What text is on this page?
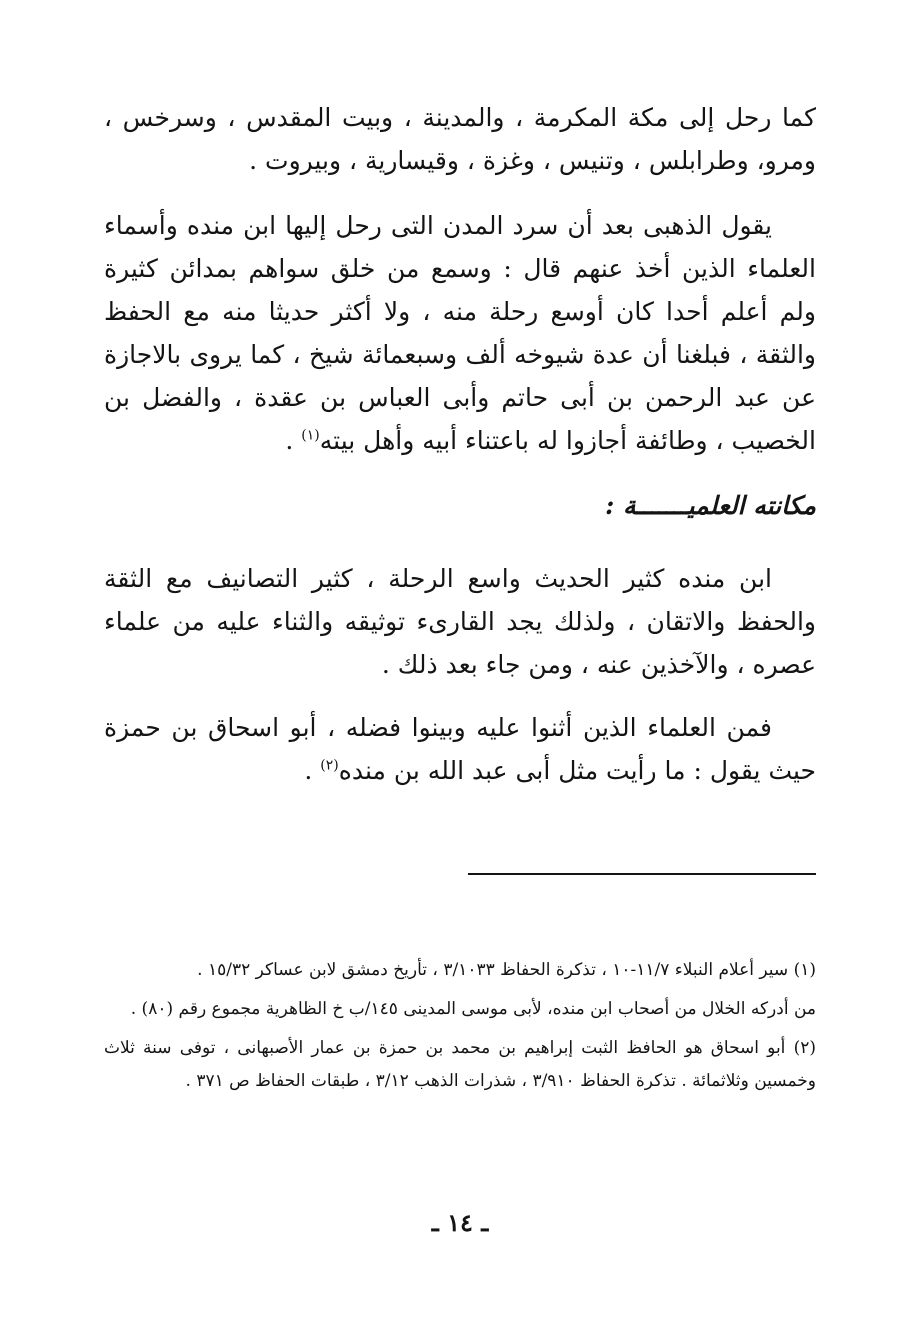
كما رحل إلى مكة المكرمة ، والمدينة ، وبيت المقدس ، وسرخس ، ومرو، وطرابلس ، وتنيس ، وغزة ، وقيسارية ، وبيروت .

يقول الذهبى بعد أن سرد المدن التى رحل إليها ابن منده وأسماء العلماء الذين أخذ عنهم قال : وسمع من خلق سواهم بمدائن كثيرة ولم أعلم أحدا كان أوسع رحلة منه ، ولا أكثر حديثا منه مع الحفظ والثقة ، فبلغنا أن عدة شيوخه ألف وسبعمائة شيخ ، كما يروى بالاجازة عن عبد الرحمن بن أبى حاتم وأبى العباس بن عقدة ، والفضل بن الخصيب ، وطائفة أجازوا له باعتناء أبيه وأهل بيته$^{(١)}$ .

مكانته العلميـــــــة :

ابن منده كثير الحديث واسع الرحلة ، كثير التصانيف مع الثقة والحفظ والاتقان ، ولذلك يجد القارىء توثيقه والثناء عليه من علماء عصره ، والآخذين عنه ، ومن جاء بعد ذلك .

فمن العلماء الذين أثنوا عليه وبينوا فضله ، أبو اسحاق بن حمزة حيث يقول : ما رأيت مثل أبى عبد الله بن منده$^{(٢)}$ .

(١) سير أعلام النبلاء ١١/٧-١٠ ، تذكرة الحفاظ ٣/١٠٣٣ ، تأريخ دمشق لابن عساكر ١٥/٣٢ .

من أدركه الخلال من أصحاب ابن منده، لأبى موسى المدينى ١٤٥/ب خ الظاهرية مجموع رقم (٨٠) .

(٢) أبو اسحاق هو الحافظ الثبت إبراهيم بن محمد بن حمزة بن عمار الأصبهانى ، توفى سنة ثلاث وخمسين وثلاثمائة . تذكرة الحفاظ ٣/٩١٠ ، شذرات الذهب ٣/١٢ ، طبقات الحفاظ ص ٣٧١ .

ـ ١٤ ـ
